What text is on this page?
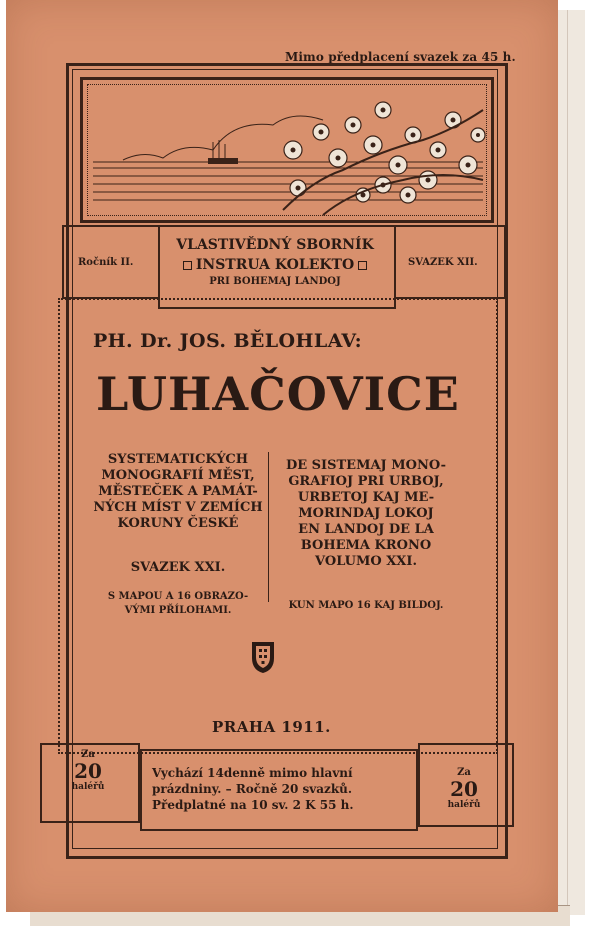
Mimo předplacení svazek za 45 h.
Ročník II.
VLASTIVĚDNÝ SBORNÍK
INSTRUA KOLEKTO
PRI BOHEMAJ LANDOJ
SVAZEK XII.
PH. Dr. JOS. BĚLOHLAV:
LUHAČOVICE
SYSTEMATICKÝCH
MONOGRAFIÍ MĚST,
MĚSTEČEK A PAMÁT-
NÝCH MÍST V ZEMÍCH
KORUNY ČESKÉ
SVAZEK XXI.
S MAPOU A 16 OBRAZO-
VÝMI PŘÍLOHAMI.
DE SISTEMAJ MONO-
GRAFIOJ PRI URBOJ,
URBETOJ KAJ ME-
MORINDAJ LOKOJ
EN LANDOJ DE LA
BOHEMA KRONO
VOLUMO XXI.
KUN MAPO 16 KAJ BILDOJ.
PRAHA 1911.
Za
20
haléřů
Vychází 14denně mimo hlavní
prázdniny. – Ročně 20 svazků.
Předplatné na 10 sv. 2 K 55 h.
Za
20
haléřů
